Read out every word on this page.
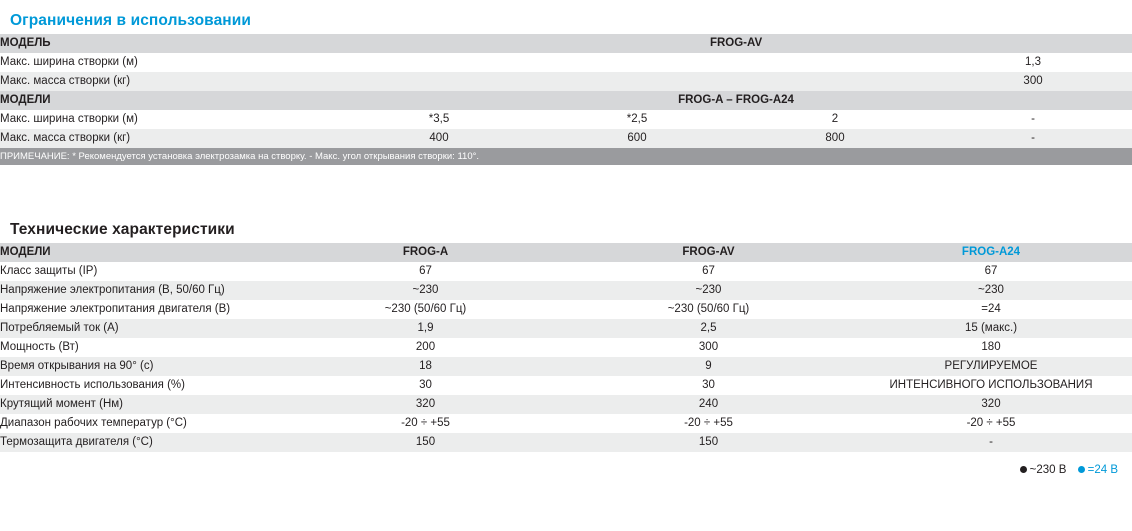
Ограничения в использовании
МОДЕЛЬ	FROG-AV			
Макс. ширина створки (м)				1,3
Макс. масса створки (кг)				300
МОДЕЛИ	FROG-A – FROG-A24			
Макс. ширина створки (м)	*3,5	*2,5	2	-
Макс. масса створки (кг)	400	600	800	-
ПРИМЕЧАНИЕ: * Рекомендуется установка электрозамка на створку. - Макс. угол открывания створки: 110°.				
Технические характеристики
МОДЕЛИ	FROG-A	FROG-AV	FROG-A24
Класс защиты (IP)	67	67	67
Напряжение электропитания (В, 50/60 Гц)	~230	~230	~230
Напряжение электропитания двигателя (В)	~230 (50/60 Гц)	~230 (50/60 Гц)	=24
Потребляемый ток (А)	1,9	2,5	15 (макс.)
Мощность (Вт)	200	300	180
Время открывания на 90° (с)	18	9	РЕГУЛИРУЕМОЕ
Интенсивность использования (%)	30	30	ИНТЕНСИВНОГО ИСПОЛЬЗОВАНИЯ
Крутящий момент (Нм)	320	240	320
Диапазон рабочих температур (°С)	-20 ÷ +55	-20 ÷ +55	-20 ÷ +55
Термозащита двигателя (°С)	150	150	-
~230 В =24 В
